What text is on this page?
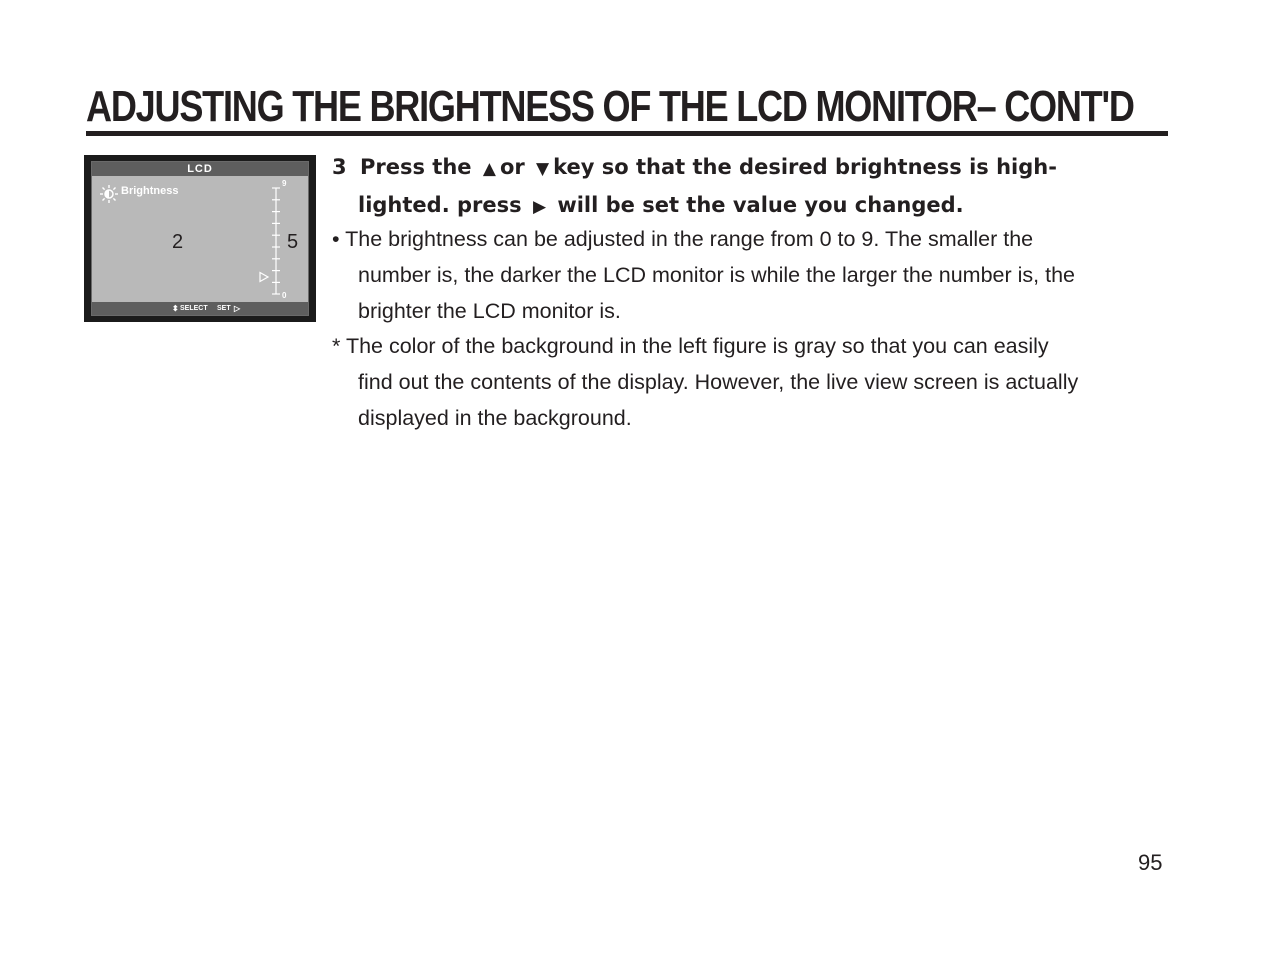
ADJUSTING THE BRIGHTNESS OF THE LCD MONITOR– CONT'D
LCD
Brightness
2	5
9
0
⬍ SELECT SET ▷
3 Press the ▲ or ▼ key so that the desired brightness is high-
lighted. press ▶ will be set the value you changed.
• The brightness can be adjusted in the range from 0 to 9. The smaller the
number is, the darker the LCD monitor is while the larger the number is, the
brighter the LCD monitor is.
* The color of the background in the left figure is gray so that you can easily
find out the contents of the display. However, the live view screen is actually
displayed in the background.
95
